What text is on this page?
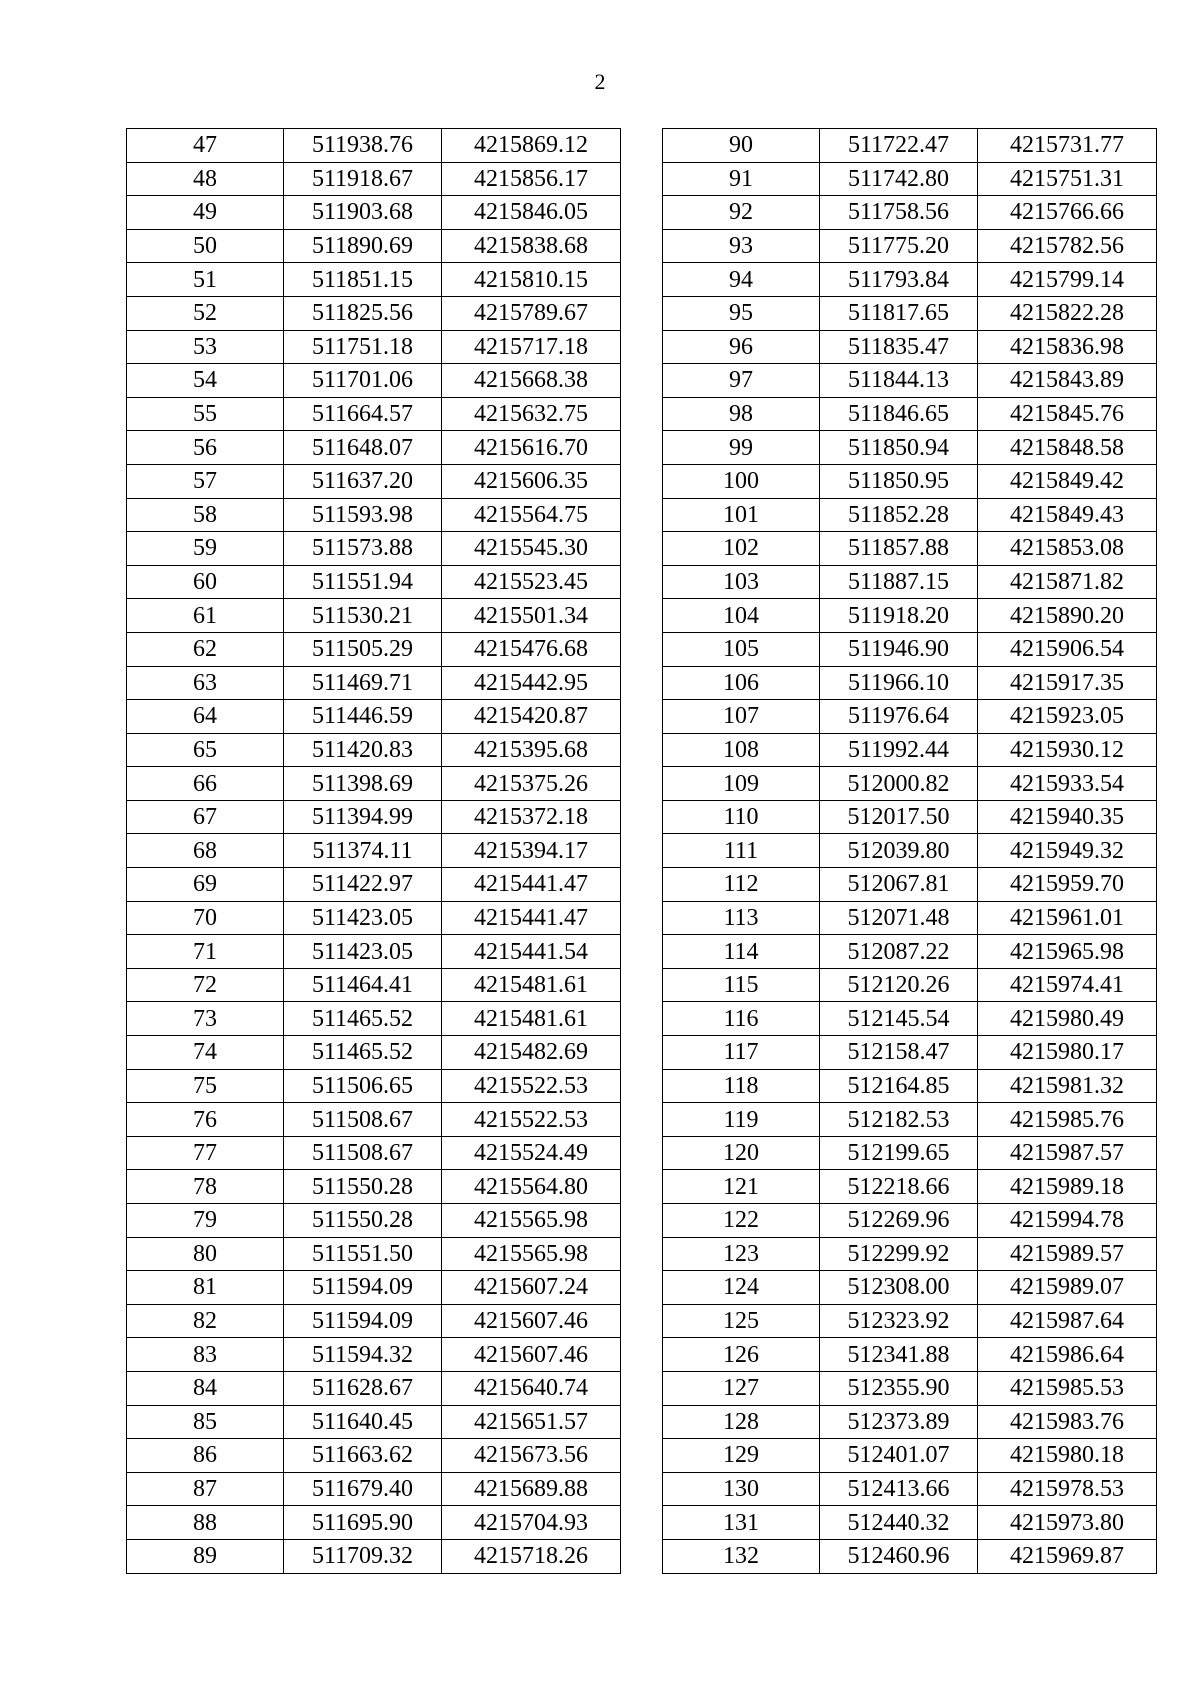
2
47	511938.76	4215869.12
48	511918.67	4215856.17
49	511903.68	4215846.05
50	511890.69	4215838.68
51	511851.15	4215810.15
52	511825.56	4215789.67
53	511751.18	4215717.18
54	511701.06	4215668.38
55	511664.57	4215632.75
56	511648.07	4215616.70
57	511637.20	4215606.35
58	511593.98	4215564.75
59	511573.88	4215545.30
60	511551.94	4215523.45
61	511530.21	4215501.34
62	511505.29	4215476.68
63	511469.71	4215442.95
64	511446.59	4215420.87
65	511420.83	4215395.68
66	511398.69	4215375.26
67	511394.99	4215372.18
68	511374.11	4215394.17
69	511422.97	4215441.47
70	511423.05	4215441.47
71	511423.05	4215441.54
72	511464.41	4215481.61
73	511465.52	4215481.61
74	511465.52	4215482.69
75	511506.65	4215522.53
76	511508.67	4215522.53
77	511508.67	4215524.49
78	511550.28	4215564.80
79	511550.28	4215565.98
80	511551.50	4215565.98
81	511594.09	4215607.24
82	511594.09	4215607.46
83	511594.32	4215607.46
84	511628.67	4215640.74
85	511640.45	4215651.57
86	511663.62	4215673.56
87	511679.40	4215689.88
88	511695.90	4215704.93
89	511709.32	4215718.26
90	511722.47	4215731.77
91	511742.80	4215751.31
92	511758.56	4215766.66
93	511775.20	4215782.56
94	511793.84	4215799.14
95	511817.65	4215822.28
96	511835.47	4215836.98
97	511844.13	4215843.89
98	511846.65	4215845.76
99	511850.94	4215848.58
100	511850.95	4215849.42
101	511852.28	4215849.43
102	511857.88	4215853.08
103	511887.15	4215871.82
104	511918.20	4215890.20
105	511946.90	4215906.54
106	511966.10	4215917.35
107	511976.64	4215923.05
108	511992.44	4215930.12
109	512000.82	4215933.54
110	512017.50	4215940.35
111	512039.80	4215949.32
112	512067.81	4215959.70
113	512071.48	4215961.01
114	512087.22	4215965.98
115	512120.26	4215974.41
116	512145.54	4215980.49
117	512158.47	4215980.17
118	512164.85	4215981.32
119	512182.53	4215985.76
120	512199.65	4215987.57
121	512218.66	4215989.18
122	512269.96	4215994.78
123	512299.92	4215989.57
124	512308.00	4215989.07
125	512323.92	4215987.64
126	512341.88	4215986.64
127	512355.90	4215985.53
128	512373.89	4215983.76
129	512401.07	4215980.18
130	512413.66	4215978.53
131	512440.32	4215973.80
132	512460.96	4215969.87
